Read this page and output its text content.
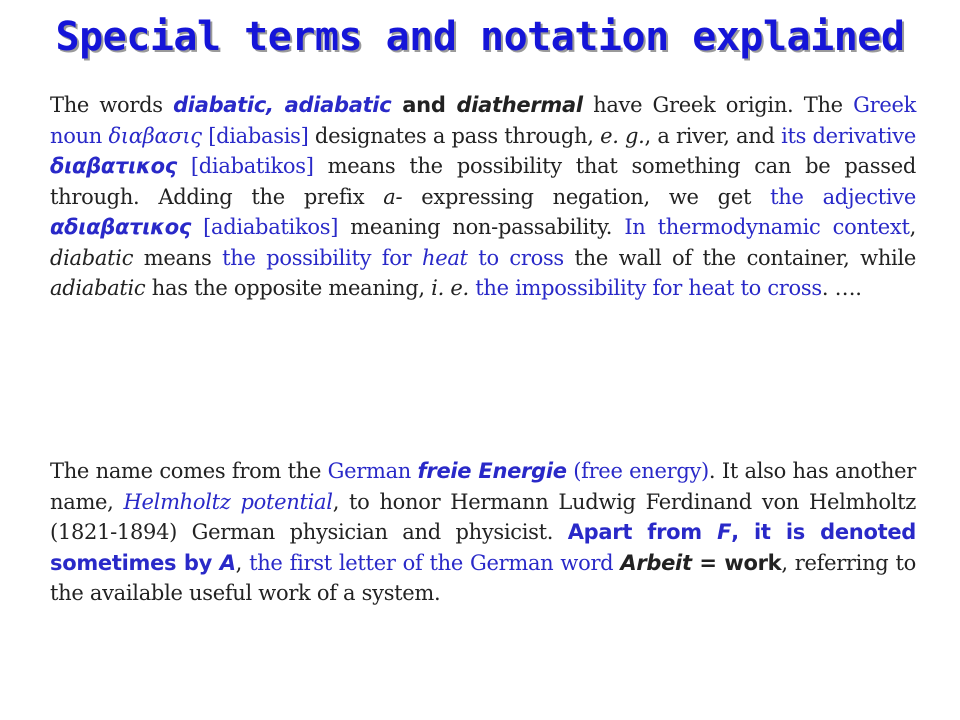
Special terms and notation explained
The words diabatic, adiabatic and diathermal have Greek origin. The Greek noun διαβασις [diabasis] designates a pass through, e. g., a river, and its derivative διαβατικος [diabatikos] means the possibility that something can be passed through. Adding the prefix a- expressing negation, we get the adjective αδιαβατικος [adiabatikos] meaning non-passability. In thermodynamic context, diabatic means the possibility for heat to cross the wall of the container, while adiabatic has the opposite meaning, i. e. the impossibility for heat to cross. ….
The name comes from the German freie Energie (free energy). It also has another name, Helmholtz potential, to honor Hermann Ludwig Ferdinand von Helmholtz (1821-1894) German physician and physicist. Apart from F, it is denoted sometimes by A, the first letter of the German word Arbeit = work, referring to the available useful work of a system.
